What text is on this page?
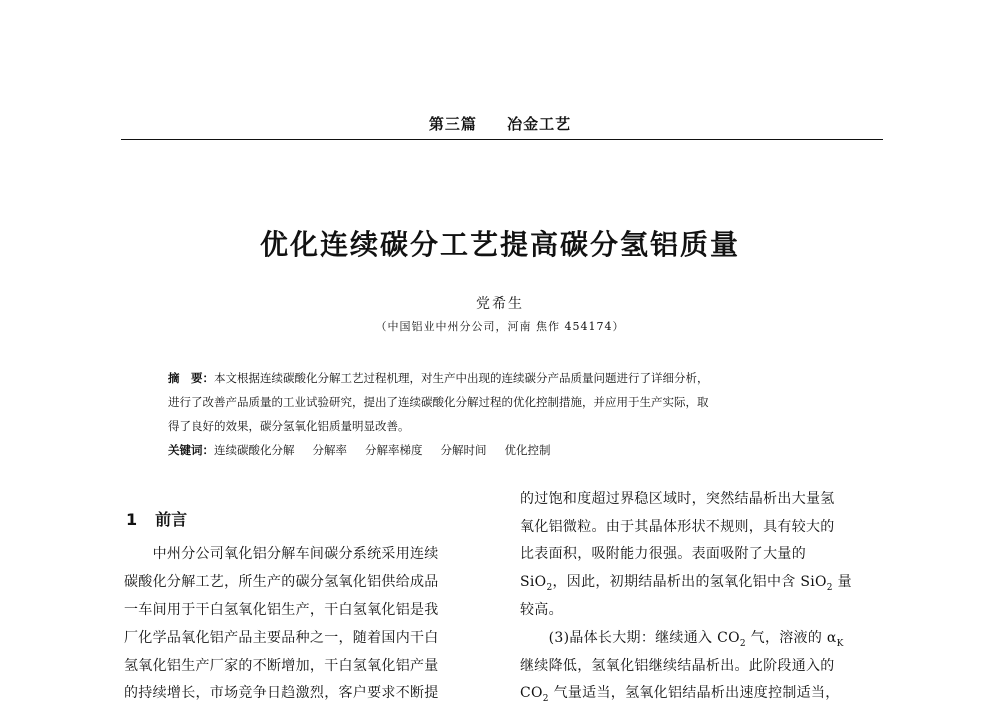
第三篇 冶金工艺
优化连续碳分工艺提高碳分氢铝质量
党希生
（中国铝业中州分公司，河南 焦作 454174）
摘　要：本文根据连续碳酸化分解工艺过程机理，对生产中出现的连续碳分产品质量问题进行了详细分析，
进行了改善产品质量的工业试验研究，提出了连续碳酸化分解过程的优化控制措施，并应用于生产实际，取
得了良好的效果，碳分氢氧化铝质量明显改善。
关键词：连续碳酸化分解 分解率 分解率梯度 分解时间 优化控制
1 前言
　　中州分公司氧化铝分解车间碳分系统采用连续
碳酸化分解工艺，所生产的碳分氢氧化铝供给成品
一车间用于干白氢氧化铝生产，干白氢氧化铝是我
厂化学品氧化铝产品主要品种之一，随着国内干白
氢氧化铝生产厂家的不断增加，干白氢氧化铝产量
的持续增长，市场竞争日趋激烈，客户要求不断提
的过饱和度超过界稳区域时，突然结晶析出大量氢
氧化铝微粒。由于其晶体形状不规则，具有较大的
比表面积，吸附能力很强。表面吸附了大量的
SiO$_2$，因此，初期结晶析出的氢氧化铝中含 SiO$_2$ 量
较高。
　　(3)晶体长大期：继续通入 $CO_2$ 气，溶液的 $\alpha_K$
继续降低，氢氧化铝继续结晶析出。此阶段通入的
$CO_2$ 气量适当，氢氧化铝结晶析出速度控制适当，
